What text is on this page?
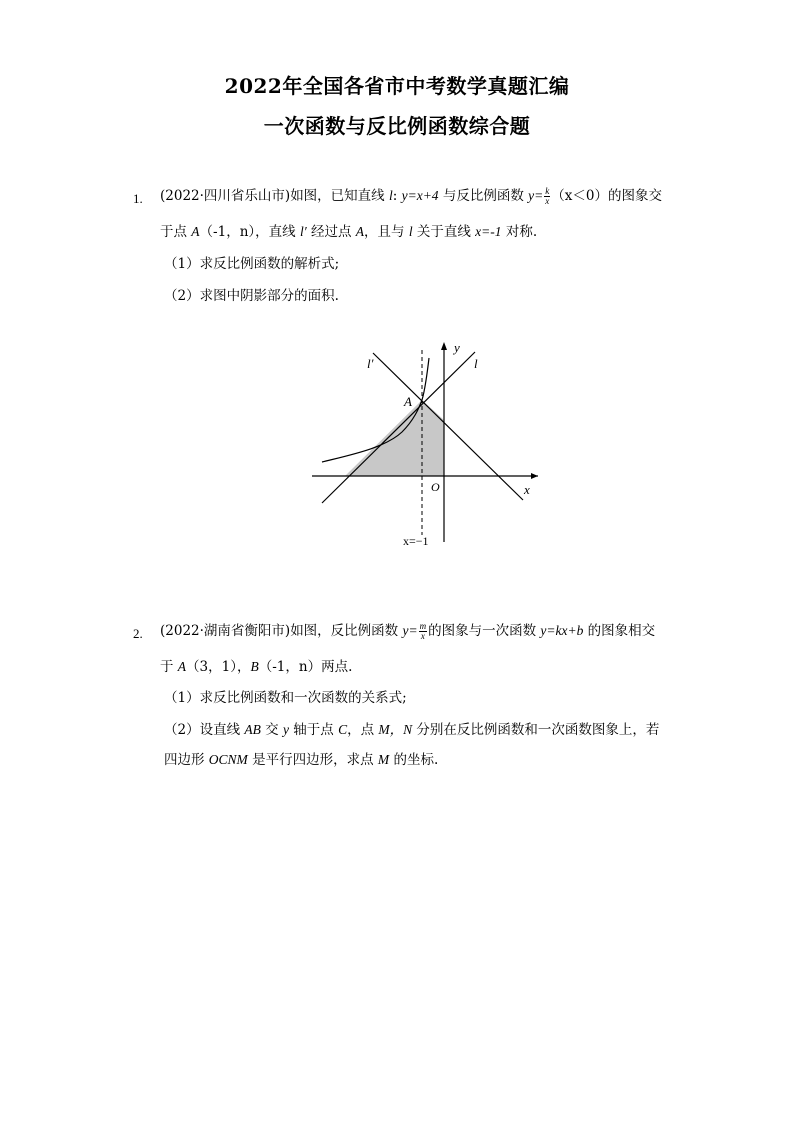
2022年全国各省市中考数学真题汇编
一次函数与反比例函数综合题
1. (2022·四川省乐山市)如图，已知直线 l: y=x+4 与反比例函数 $y= \frac{k}{x} (x<0)$的图象交
于点 A（-1，n），直线 l′ 经过点 A，且与 l 关于直线 x=-1 对称.
（1）求反比例函数的解析式;
（2）求图中阴影部分的面积.
y
x
O
A
l
l′
x=−1
2. (2022·湖南省衡阳市)如图，反比例函数 $y= \frac{m}{x}$ 的图象与一次函数 y=kx+b 的图象相交
于 A（3，1），B（-1，n）两点.
（1）求反比例函数和一次函数的关系式;
（2）设直线 AB 交 y 轴于点 C，点 M，N 分别在反比例函数和一次函数图象上，若
四边形 OCNM 是平行四边形，求点 M 的坐标.
